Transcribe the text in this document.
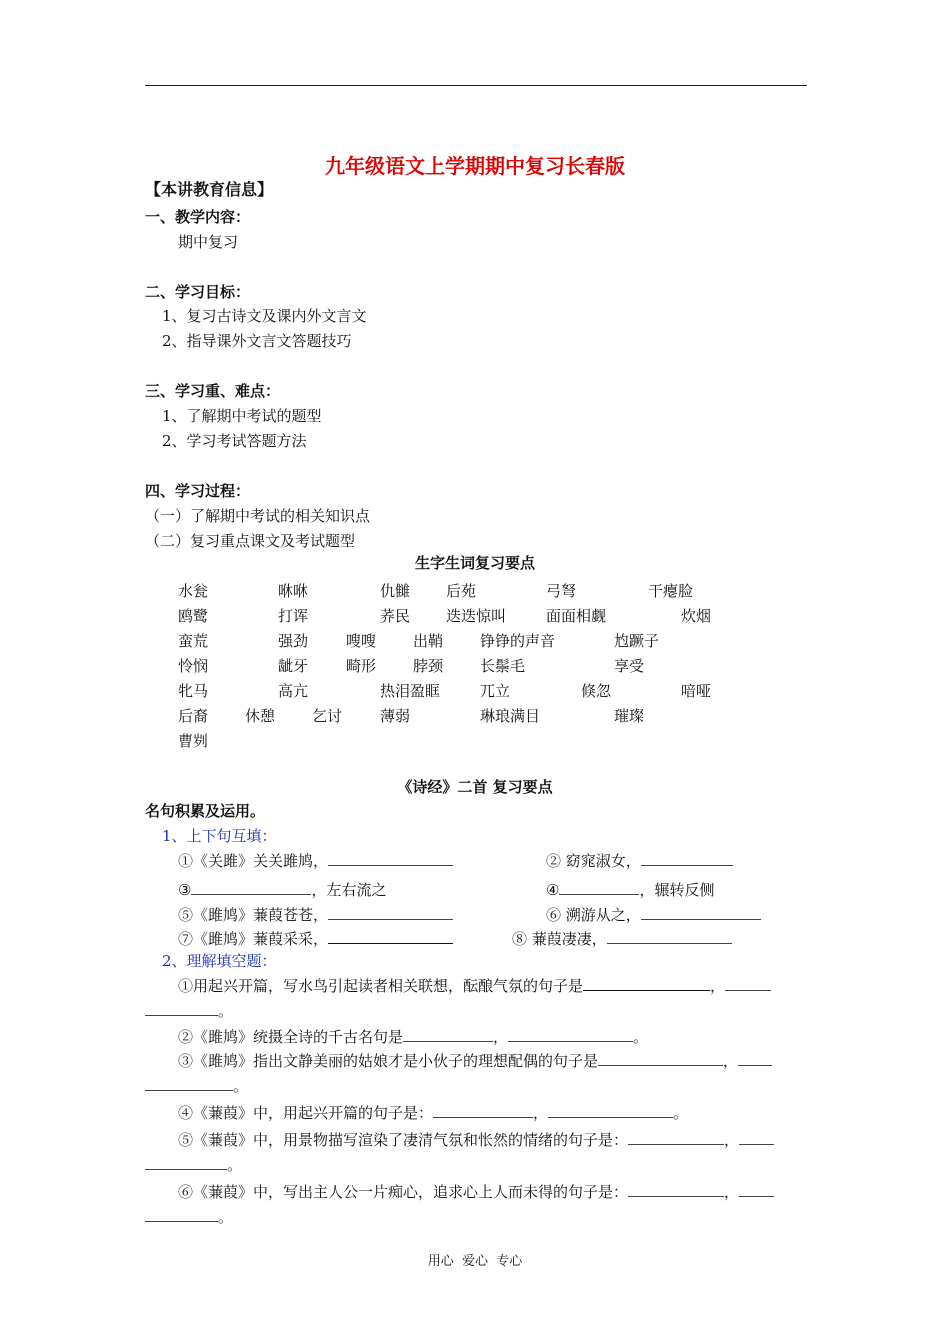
九年级语文上学期期中复习长春版
【本讲教育信息】
一、教学内容：
期中复习
二、学习目标：
1、复习古诗文及课内外文言文
2、指导课外文言文答题技巧
三、学习重、难点：
1、了解期中考试的题型
2、学习考试答题方法
四、学习过程：
（一）了解期中考试的相关知识点
（二）复习重点课文及考试题型
生字生词复习要点
水瓮	咻咻	仇雠 后苑	弓弩	干瘪脸
鸥鹭	打诨	荞民 迭迭惊叫	面面相觑	炊烟
蛮荒	强劲	嗖嗖 出鞘 铮铮的声音	尥蹶子
怜悯	龇牙	畸形 脖颈 长鬃毛	享受
牝马	高亢	热泪盈眶	兀立	倏忽	喑哑
后裔 休憩 乞讨	薄弱	琳琅满目	璀璨
曹刿
《诗经》二首 复习要点
名句积累及运用。
1、上下句互填：
①《关雎》关关雎鸠，	② 窈窕淑女，
③	，左右流之	④	，辗转反侧
⑤《雎鸠》蒹葭苍苍，	⑥ 溯游从之，
⑦《雎鸠》蒹葭采采，	⑧ 蒹葭凄凄，
2、理解填空题：
①用起兴开篇，写水鸟引起读者相关联想，酝酿气氛的句子是	，
。
②《雎鸠》统摄全诗的千古名句是	，	。
③《雎鸠》指出文静美丽的姑娘才是小伙子的理想配偶的句子是	，
。
④《蒹葭》中，用起兴开篇的句子是：	，	。
⑤《蒹葭》中，用景物描写渲染了凄清气氛和怅然的情绪的句子是：	，
。
⑥《蒹葭》中，写出主人公一片痴心，追求心上人而未得的句子是：	，
。
用心  爱心  专心
